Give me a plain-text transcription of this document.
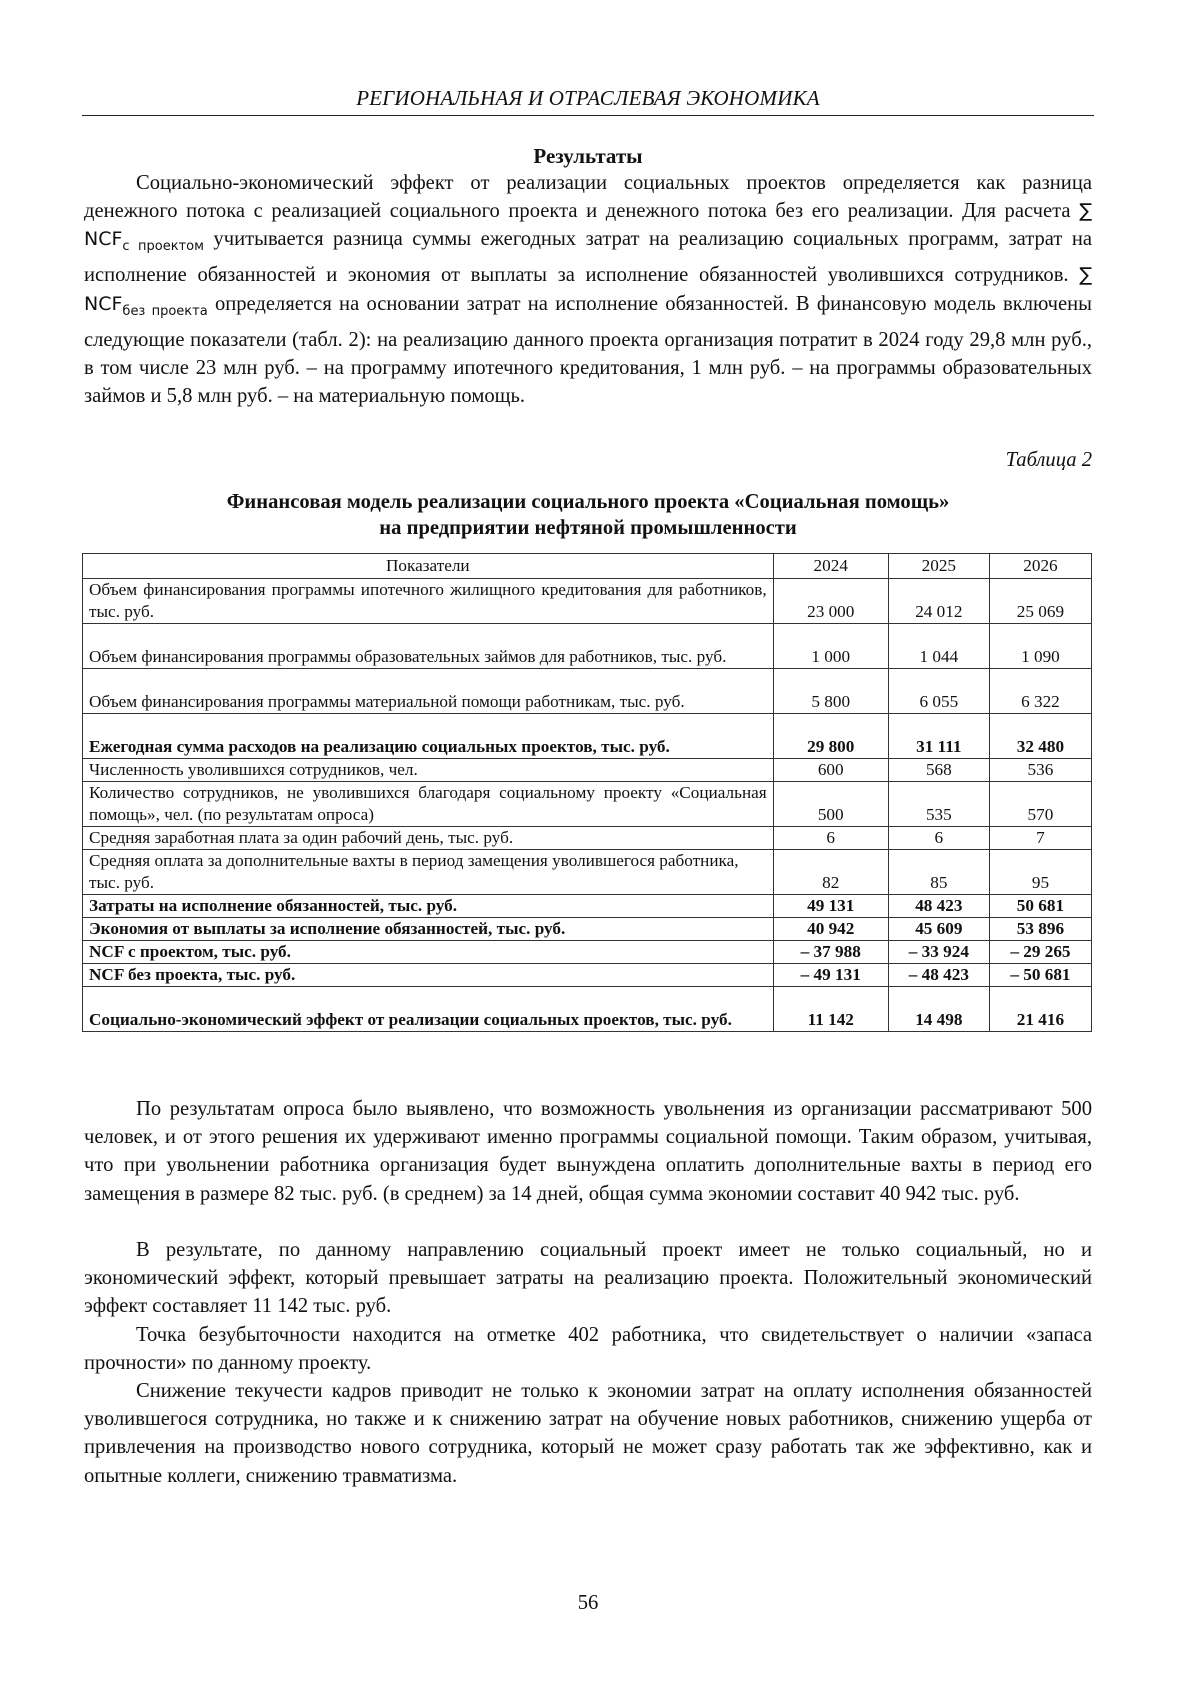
РЕГИОНАЛЬНАЯ И ОТРАСЛЕВАЯ ЭКОНОМИКА
Результаты

Социально-экономический эффект от реализации социальных проектов определяется как разница денежного потока с реализацией социального проекта и денежного потока без его реализации. Для расчета ∑ $NCF_{с проектом}$ учитывается разница суммы ежегодных затрат на реализацию социальных программ, затрат на исполнение обязанностей и экономия от выплаты за исполнение обязанностей уволившихся сотрудников. ∑ $NCF_{без проекта}$ определяется на основании затрат на исполнение обязанностей. В финансовую модель включены следующие показатели (табл. 2): на реализацию данного проекта организация потратит в 2024 году 29,8 млн руб., в том числе 23 млн руб. – на программу ипотечного кредитования, 1 млн руб. – на программы образовательных займов и 5,8 млн руб. – на материальную помощь.

Таблица 2
Финансовая модель реализации социального проекта «Социальная помощь»
на предприятии нефтяной промышленности
Показатели	2024	2025	2026
Объем финансирования программы ипотечного жилищного кредитования для работников, тыс. руб.	23 000	24 012	25 069
Объем финансирования программы образовательных займов для работников, тыс. руб.	1 000	1 044	1 090
Объем финансирования программы материальной помощи работникам, тыс. руб.	5 800	6 055	6 322
Ежегодная сумма расходов на реализацию социальных проектов, тыс. руб.	29 800	31 111	32 480
Численность уволившихся сотрудников, чел.	600	568	536
Количество сотрудников, не уволившихся благодаря социальному проекту «Социальная помощь», чел. (по результатам опроса)	500	535	570
Средняя заработная плата за один рабочий день, тыс. руб.	6	6	7
Средняя оплата за дополнительные вахты в период замещения уволившегося работника, тыс. руб.	82	85	95
Затраты на исполнение обязанностей, тыс. руб.	49 131	48 423	50 681
Экономия от выплаты за исполнение обязанностей, тыс. руб.	40 942	45 609	53 896
NCF с проектом, тыс. руб.	– 37 988	– 33 924	– 29 265
NCF без проекта, тыс. руб.	– 49 131	– 48 423	– 50 681
Социально-экономический эффект от реализации социальных проектов, тыс. руб.	11 142	14 498	21 416

По результатам опроса было выявлено, что возможность увольнения из организации рассматривают 500 человек, и от этого решения их удерживают именно программы социальной помощи. Таким образом, учитывая, что при увольнении работника организация будет вынуждена оплатить дополнительные вахты в период его замещения в размере 82 тыс. руб. (в среднем) за 14 дней, общая сумма экономии составит 40 942 тыс. руб.

В результате, по данному направлению социальный проект имеет не только социальный, но и экономический эффект, который превышает затраты на реализацию проекта. Положительный экономический эффект составляет 11 142 тыс. руб.

Точка безубыточности находится на отметке 402 работника, что свидетельствует о наличии «запаса прочности» по данному проекту.

Снижение текучести кадров приводит не только к экономии затрат на оплату исполнения обязанностей уволившегося сотрудника, но также и к снижению затрат на обучение новых работников, снижению ущерба от привлечения на производство нового сотрудника, который не может сразу работать так же эффективно, как и опытные коллеги, снижению травматизма.

56
